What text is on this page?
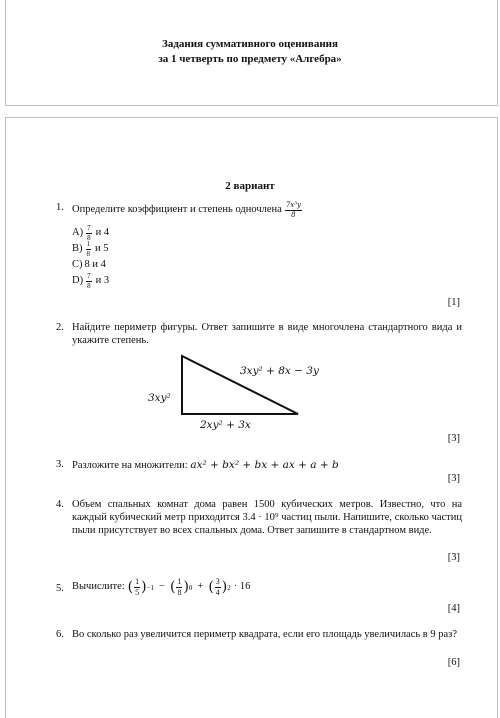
Задания суммативного оценивания
за 1 четверть по предмету «Алгебра»
2 вариант
1. Определите коэффициент и степень одночлена $\frac{\text{7x³y}}{8}$
$A) \frac{7}{8}$ и 4
$B) \frac{1}{8}$ и 5
C) 8 и 4
$D) \frac{7}{8}$ и 3
[1]
2. Найдите периметр фигуры. Ответ запишите в виде многочлена стандартного вида и укажите степень.
3xy² + 8x − 3y
3xy²
2xy² + 3x
[3]
3. Разложите на множители: ax² + bx² + bx + ax + a + b
[3]
4. Объем спальных комнат дома равен 1500 кубических метров. Известно, что на каждый кубический метр приходится 3.4 · 10⁹ частиц пыли. Напишите, сколько частиц пыли присутствует во всех спальных дома. Ответ запишите в стандартном виде.
[3]
5. Вычислите: ( $\frac{1}{5}$ ) −1 − ( $\frac{1}{8}$ ) 0 + ( $\frac{3}{4}$ ) 2 · 16
[4]
6. Во сколько раз увеличится периметр квадрата, если его площадь увеличилась в 9 раз?
[6]
